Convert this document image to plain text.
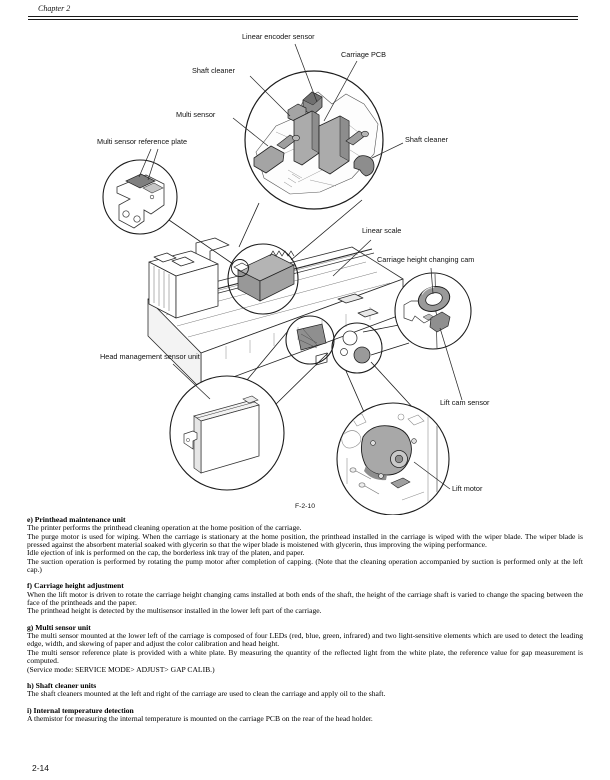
Chapter 2
Linear encoder sensor
Carriage PCB
Shaft cleaner
Multi sensor
Multi sensor reference plate	Shaft cleaner
Linear scale
Carriage height changing cam
Head management sensor unit
Lift cam sensor
Lift motor
F-2-10
e) Printhead maintenance unit

The printer performs the printhead cleaning operation at the home position of the carriage.

The purge motor is used for wiping. When the carriage is stationary at the home position, the printhead installed in the carriage is wiped with the wiper blade. The wiper blade is pressed against the absorbent material soaked with glycerin so that the wiper blade is moistened with glycerin, thus improving the wiping performance.

Idle ejection of ink is performed on the cap, the borderless ink tray of the platen, and paper.

The suction operation is performed by rotating the pump motor after completion of capping. (Note that the cleaning operation accompanied by suction is performed only at the left cap.)

f) Carriage height adjustment

When the lift motor is driven to rotate the carriage height changing cams installed at both ends of the shaft, the height of the carriage shaft is varied to change the spacing between the face of the printheads and the paper.

The printhead height is detected by the multisensor installed in the lower left part of the carriage.

g) Multi sensor unit

The multi sensor mounted at the lower left of the carriage is composed of four LEDs (red, blue, green, infrared) and two light-sensitive elements which are used to detect the leading edge, width, and skewing of paper and adjust the color calibration and head height.

The multi sensor reference plate is provided with a white plate. By measuring the quantity of the reflected light from the white plate, the reference value for gap measurement is computed.

(Service mode: SERVICE MODE> ADJUST> GAP CALIB.)

h) Shaft cleaner units

The shaft cleaners mounted at the left and right of the carriage are used to clean the carriage and apply oil to the shaft.

i) Internal temperature detection

A themistor for measuring the internal temperature is mounted on the carriage PCB on the rear of the head holder.

2-14
